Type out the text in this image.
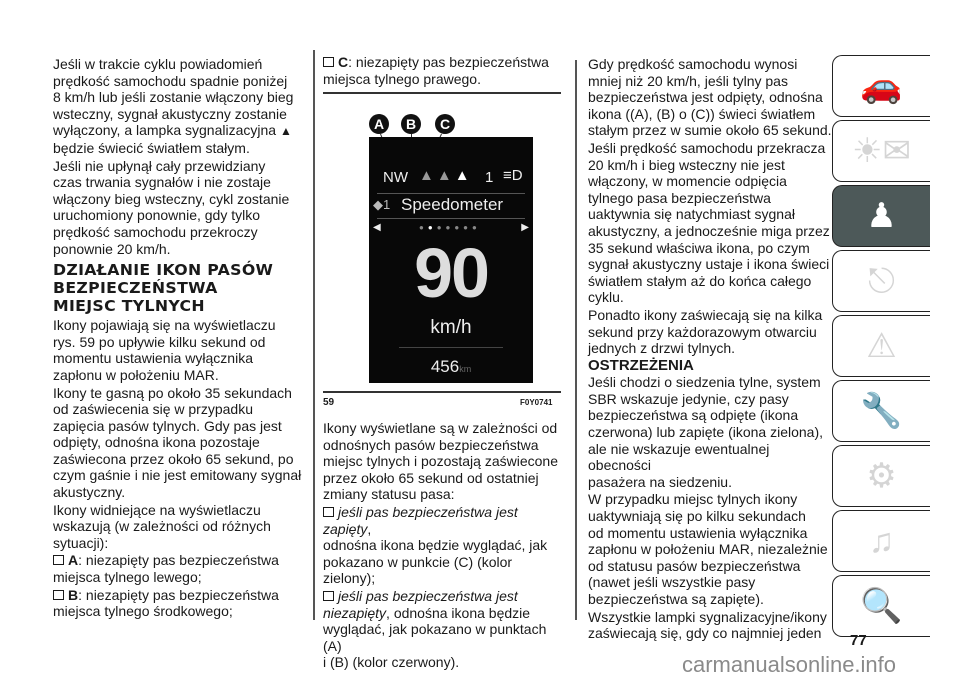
Jeśli w trakcie cyklu powiadomień
prędkość samochodu spadnie poniżej
8 km/h lub jeśli zostanie włączony bieg
wsteczny, sygnał akustyczny zostanie
wyłączony, a lampka sygnalizacyjna ▲
będzie świecić światłem stałym.

Jeśli nie upłynął cały przewidziany
czas trwania sygnałów i nie zostaje
włączony bieg wsteczny, cykl zostanie
uruchomiony ponownie, gdy tylko
prędkość samochodu przekroczy
ponownie 20 km/h.

DZIAŁANIE IKON PASÓW
BEZPIECZEŃSTWA
MIEJSC TYLNYCH

Ikony pojawiają się na wyświetlaczu
rys. 59 po upływie kilku sekund od
momentu ustawienia wyłącznika
zapłonu w położeniu MAR.

Ikony te gasną po około 35 sekundach
od zaświecenia się w przypadku
zapięcia pasów tylnych. Gdy pas jest
odpięty, odnośna ikona pozostaje
zaświecona przez około 65 sekund, po
czym gaśnie i nie jest emitowany sygnał
akustyczny.

Ikony widniejące na wyświetlaczu
wskazują (w zależności od różnych
sytuacji):

A: niezapięty pas bezpieczeństwa
miejsca tylnego lewego;

B: niezapięty pas bezpieczeństwa
miejsca tylnego środkowego;

C: niezapięty pas bezpieczeństwa
miejsca tylnego prawego.

A	B	C
NW ▲▲▲ 1 ≡D
◆1 Speedometer
◀	▶
●●●●●●●
90
km/h
456km
59	F0Y0741

Ikony wyświetlane są w zależności od
odnośnych pasów bezpieczeństwa
miejsc tylnych i pozostają zaświecone
przez około 65 sekund od ostatniej
zmiany statusu pasa:

jeśli pas bezpieczeństwa jest zapięty,
odnośna ikona będzie wyglądać, jak
pokazano w punkcie (C) (kolor zielony);

jeśli pas bezpieczeństwa jest
niezapięty, odnośna ikona będzie
wyglądać, jak pokazano w punktach (A)
i (B) (kolor czerwony).

Gdy prędkość samochodu wynosi
mniej niż 20 km/h, jeśli tylny pas
bezpieczeństwa jest odpięty, odnośna
ikona ((A), (B) o (C)) świeci światłem
stałym przez w sumie około 65 sekund.

Jeśli prędkość samochodu przekracza
20 km/h i bieg wsteczny nie jest
włączony, w momencie odpięcia
tylnego pasa bezpieczeństwa
uaktywnia się natychmiast sygnał
akustyczny, a jednocześnie miga przez
35 sekund właściwa ikona, po czym
sygnał akustyczny ustaje i ikona świeci
światłem stałym aż do końca całego
cyklu.

Ponadto ikony zaświecają się na kilka
sekund przy każdorazowym otwarciu
jednych z drzwi tylnych.

OSTRZEŻENIA

Jeśli chodzi o siedzenia tylne, system
SBR wskazuje jedynie, czy pasy
bezpieczeństwa są odpięte (ikona
czerwona) lub zapięte (ikona zielona),
ale nie wskazuje ewentualnej obecności
pasażera na siedzeniu.

W przypadku miejsc tylnych ikony
uaktywniają się po kilku sekundach
od momentu ustawienia wyłącznika
zapłonu w położeniu MAR, niezależnie
od statusu pasów bezpieczeństwa
(nawet jeśli wszystkie pasy
bezpieczeństwa są zapięte).

Wszystkie lampki sygnalizacyjne/ikony
zaświecają się, gdy co najmniej jeden

🚗
☀✉
♟
⎋
⚠
🔧
⚙
♫
🔍
77
carmanualsonline.info
